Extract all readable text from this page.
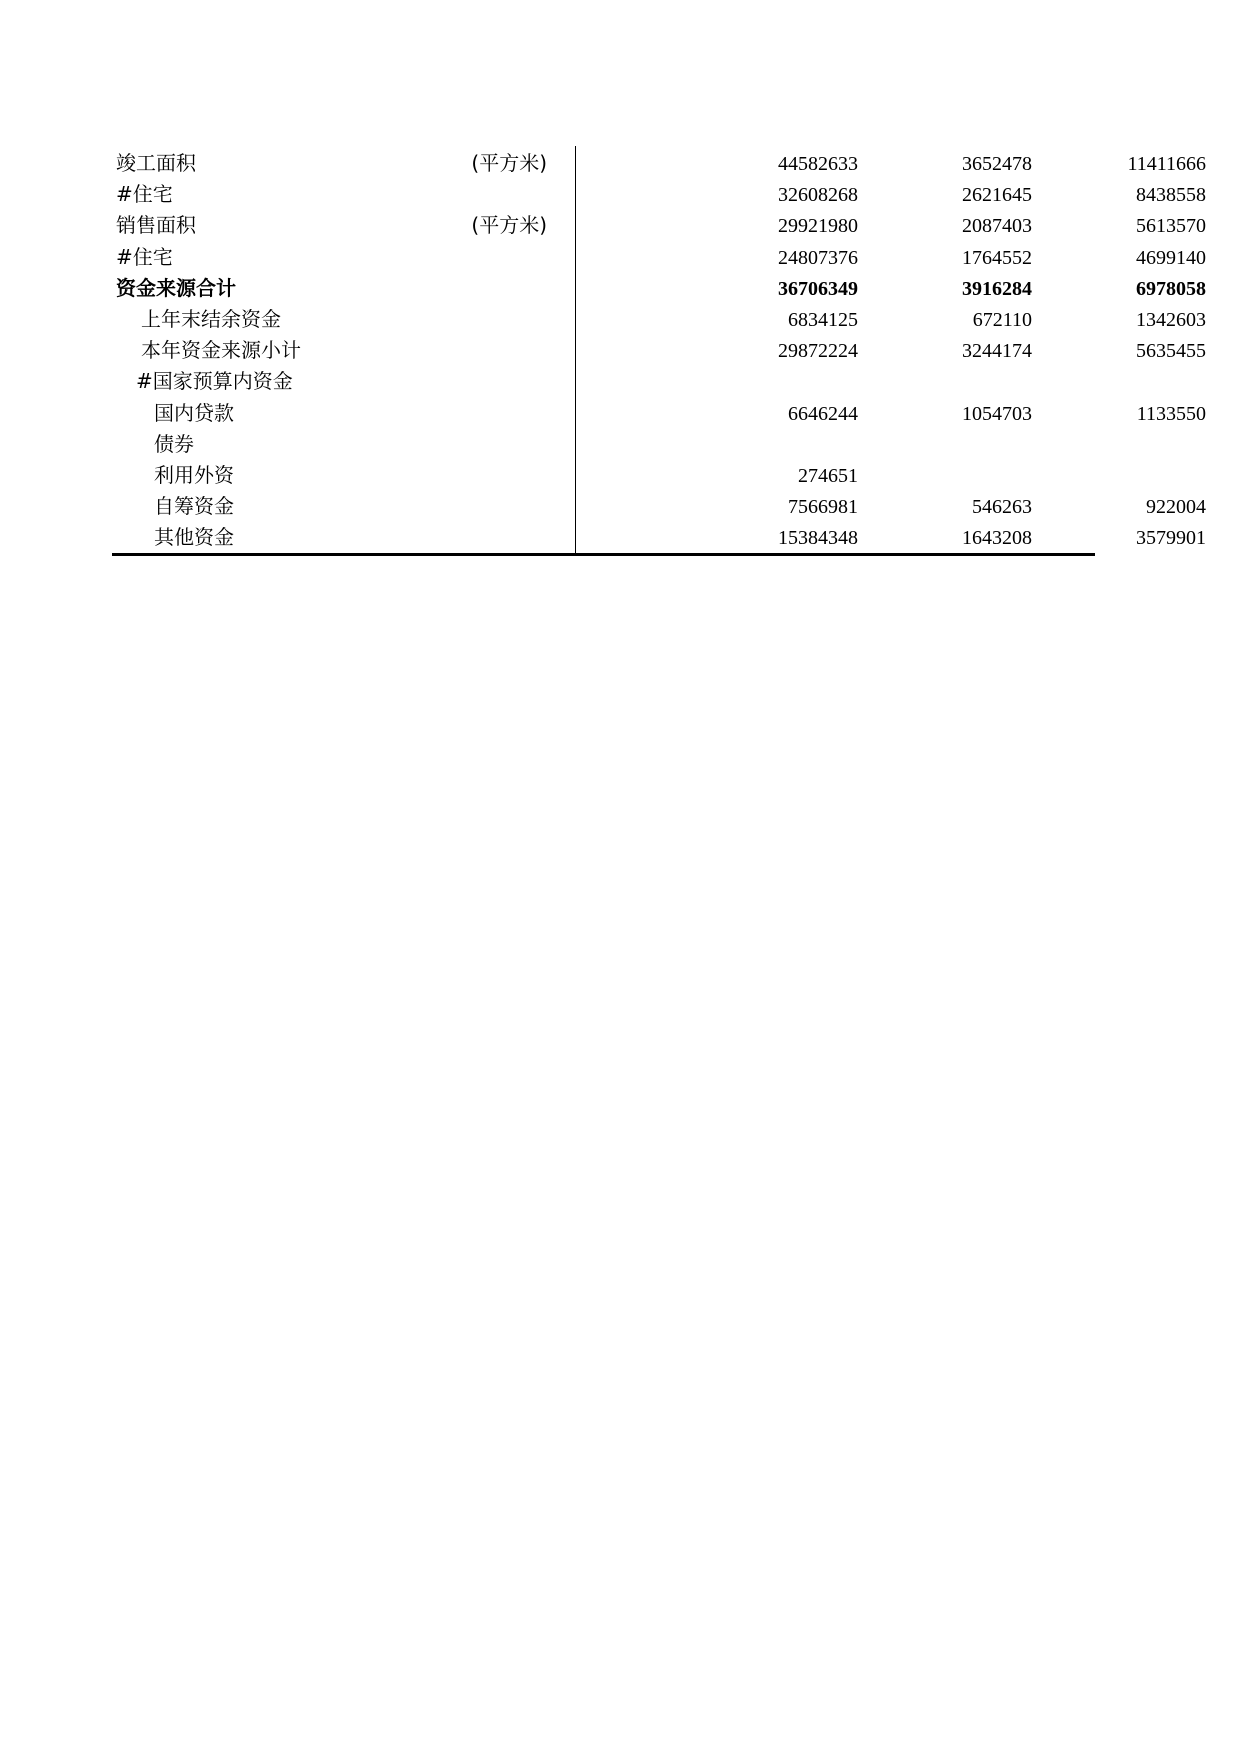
竣工面积	(平方米)	44582633	3652478	11411666
#住宅	32608268	2621645	8438558
销售面积	(平方米)	29921980	2087403	5613570
#住宅	24807376	1764552	4699140
资金来源合计	36706349	3916284	6978058
上年末结余资金	6834125	672110	1342603
本年资金来源小计	29872224	3244174	5635455
#国家预算内资金
国内贷款	6646244	1054703	1133550
债券
利用外资	274651
自筹资金	7566981	546263	922004
其他资金	15384348	1643208	3579901
